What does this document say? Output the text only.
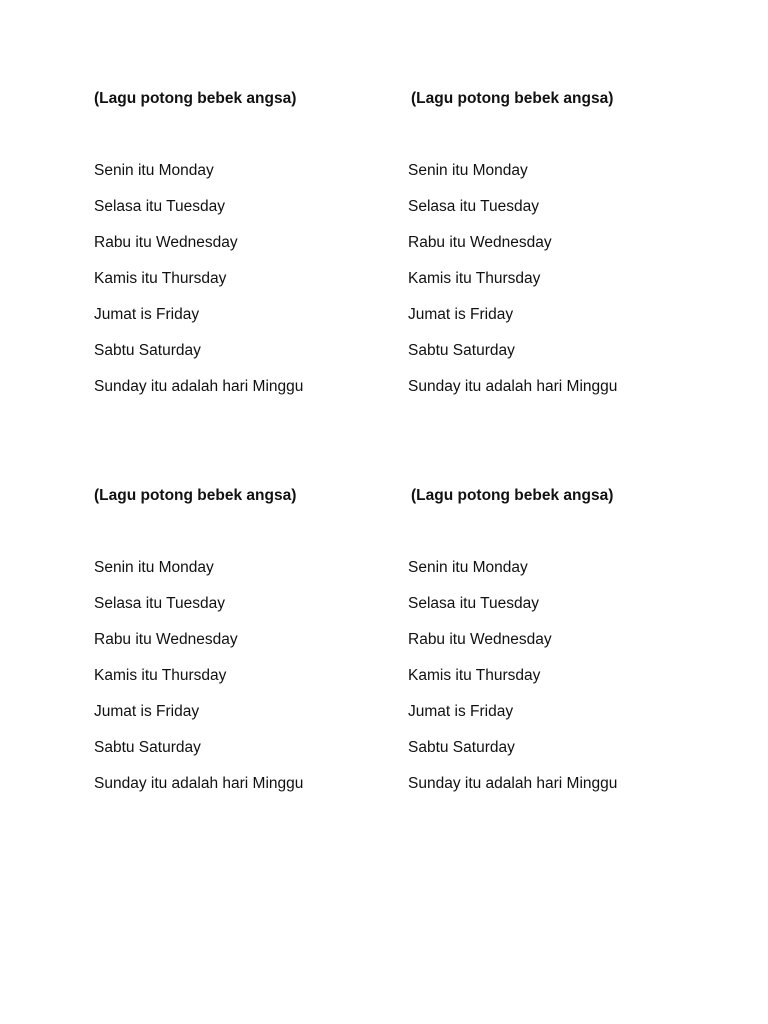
(Lagu potong bebek angsa)

Senin itu Monday
Selasa itu Tuesday
Rabu itu Wednesday
Kamis itu Thursday
Jumat is Friday
Sabtu Saturday
Sunday itu adalah hari Minggu

(Lagu potong bebek angsa)

Senin itu Monday
Selasa itu Tuesday
Rabu itu Wednesday
Kamis itu Thursday
Jumat is Friday
Sabtu Saturday
Sunday itu adalah hari Minggu

(Lagu potong bebek angsa)

Senin itu Monday
Selasa itu Tuesday
Rabu itu Wednesday
Kamis itu Thursday
Jumat is Friday
Sabtu Saturday
Sunday itu adalah hari Minggu

(Lagu potong bebek angsa)

Senin itu Monday
Selasa itu Tuesday
Rabu itu Wednesday
Kamis itu Thursday
Jumat is Friday
Sabtu Saturday
Sunday itu adalah hari Minggu
